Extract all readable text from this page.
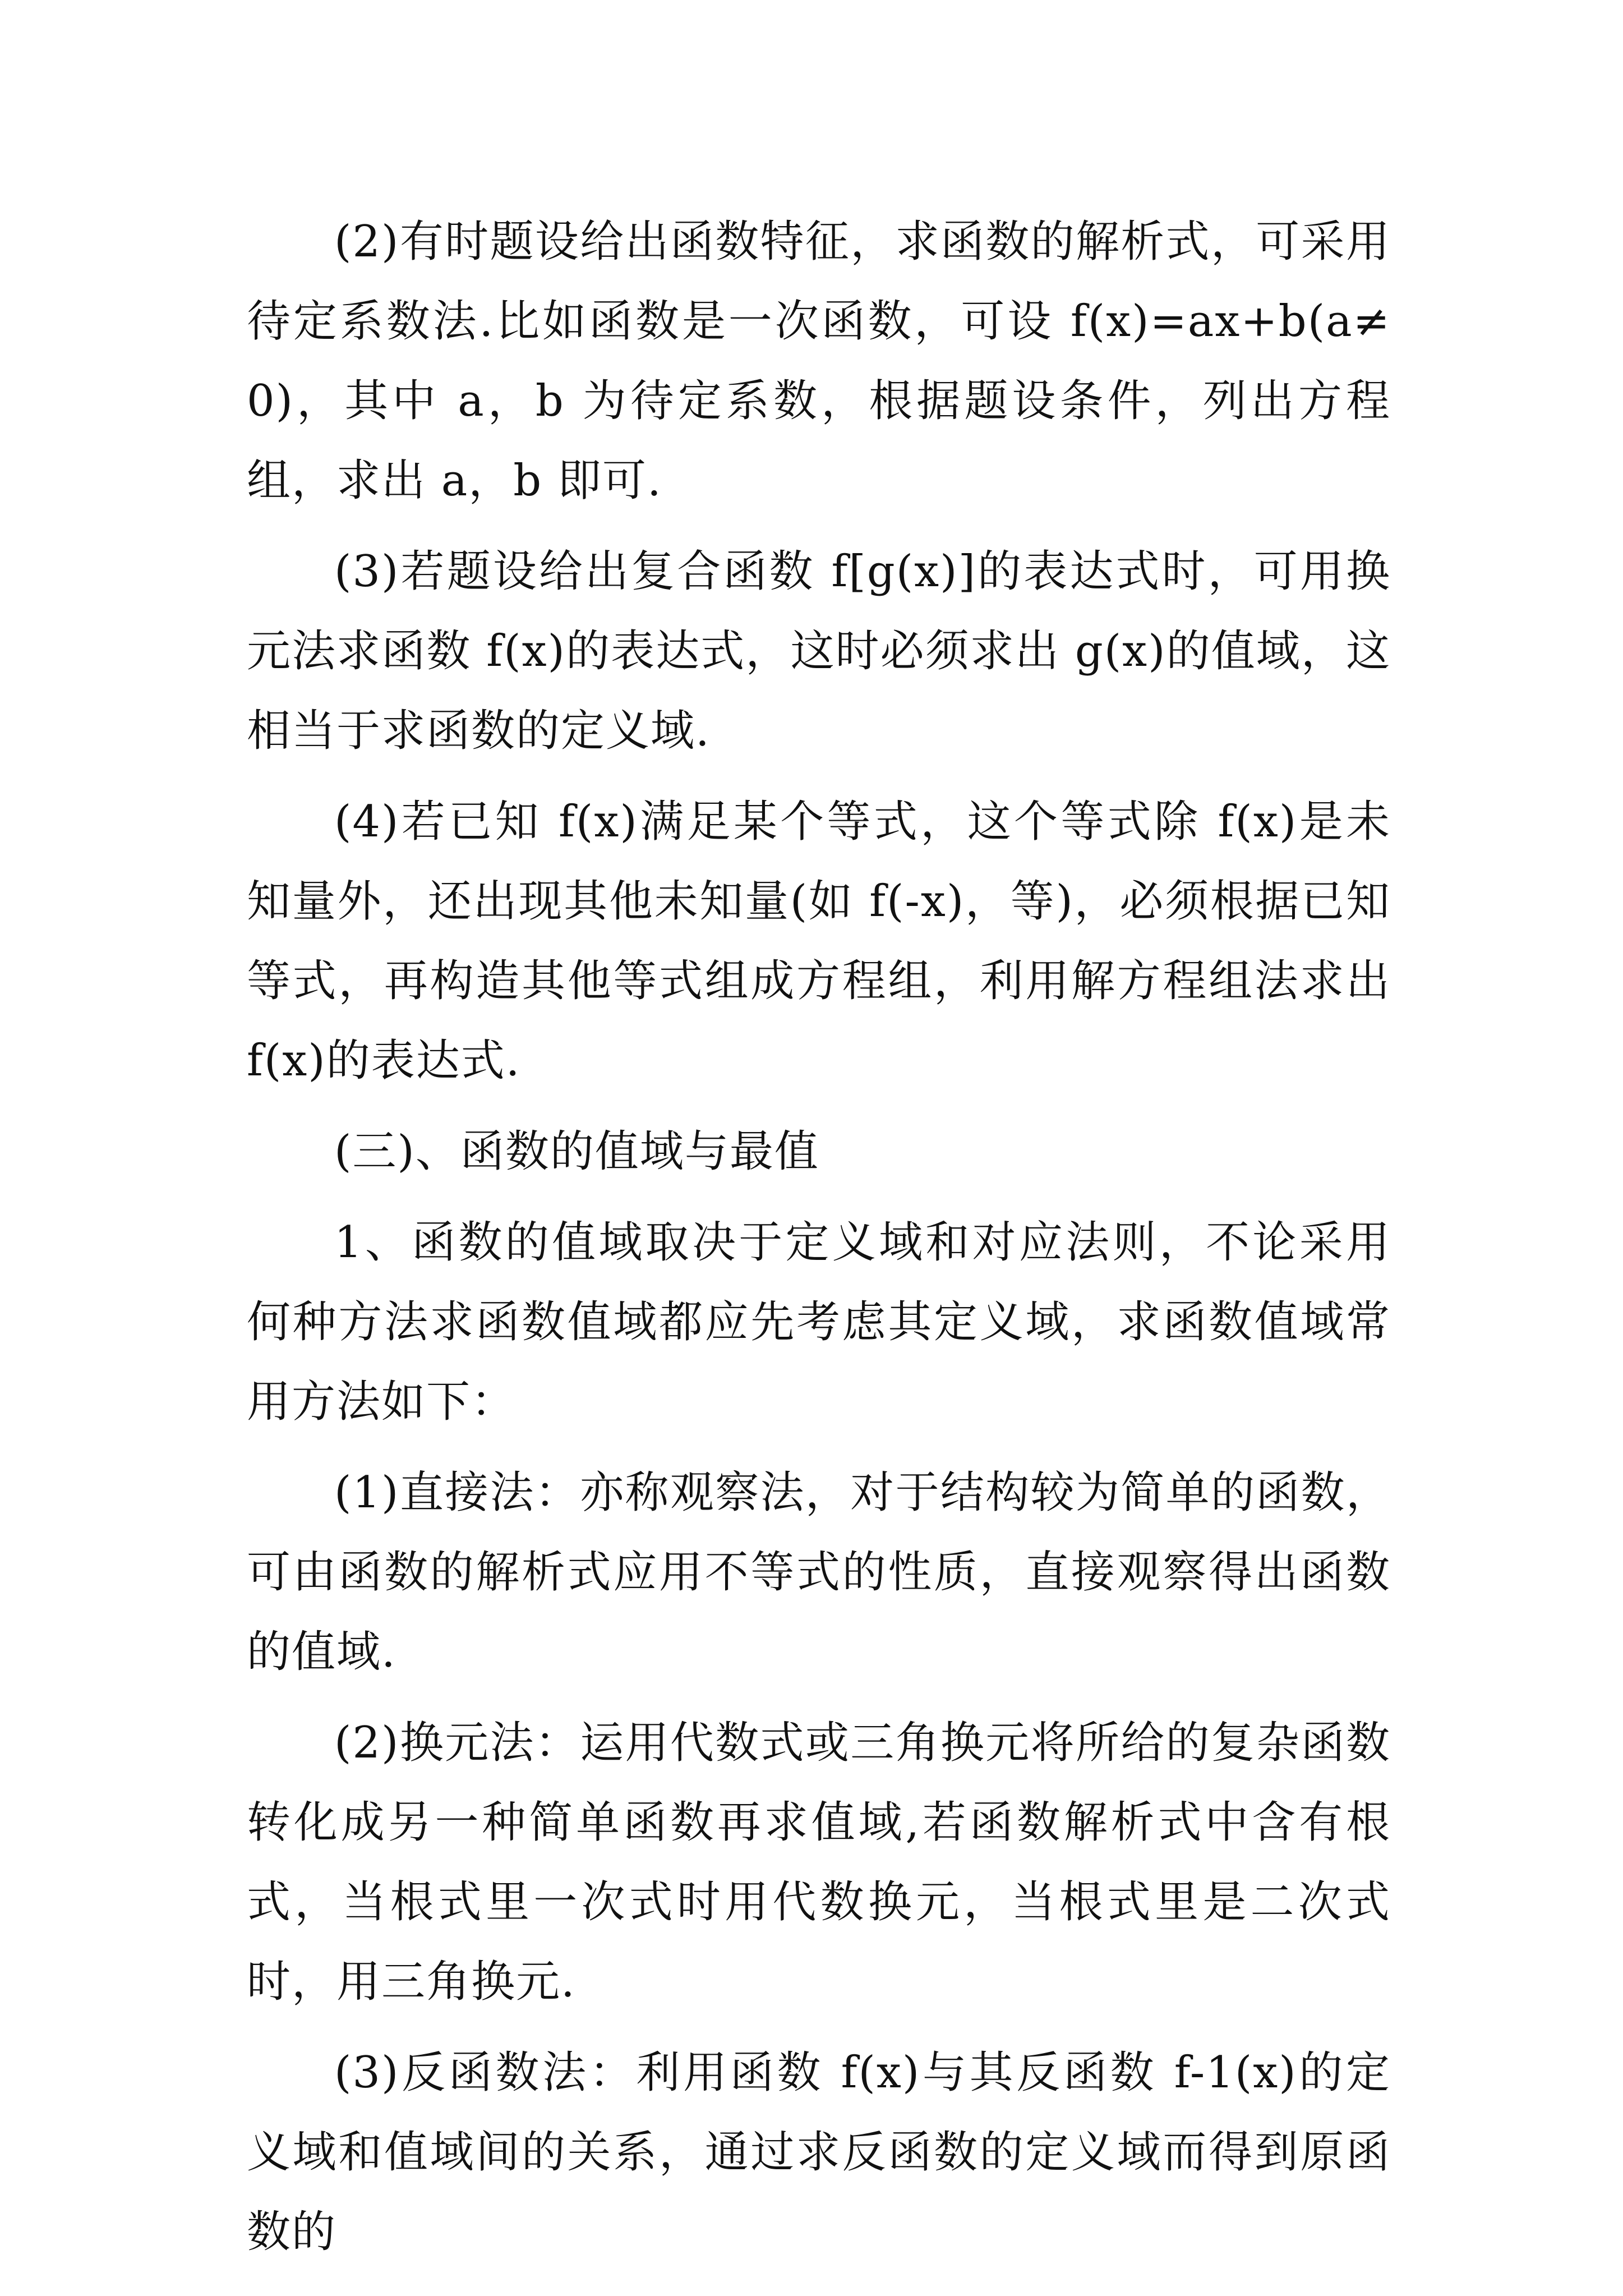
(2)有时题设给出函数特征，求函数的解析式，可采用待定系数法.比如函数是一次函数，可设 f(x)=ax+b(a≠0)，其中 a，b 为待定系数，根据题设条件，列出方程组，求出 a，b 即可.

(3)若题设给出复合函数 f[g(x)]的表达式时，可用换元法求函数 f(x)的表达式，这时必须求出 g(x)的值域，这相当于求函数的定义域.

(4)若已知 f(x)满足某个等式，这个等式除 f(x)是未知量外，还出现其他未知量(如 f(-x)，等)，必须根据已知等式，再构造其他等式组成方程组，利用解方程组法求出 f(x)的表达式.

(三)、函数的值域与最值

1、函数的值域取决于定义域和对应法则，不论采用何种方法求函数值域都应先考虑其定义域，求函数值域常用方法如下：

(1)直接法：亦称观察法，对于结构较为简单的函数，可由函数的解析式应用不等式的性质，直接观察得出函数的值域.

(2)换元法：运用代数式或三角换元将所给的复杂函数转化成另一种简单函数再求值域,若函数解析式中含有根式，当根式里一次式时用代数换元，当根式里是二次式时，用三角换元.

(3)反函数法：利用函数 f(x)与其反函数 f-1(x)的定义域和值域间的关系，通过求反函数的定义域而得到原函数的
